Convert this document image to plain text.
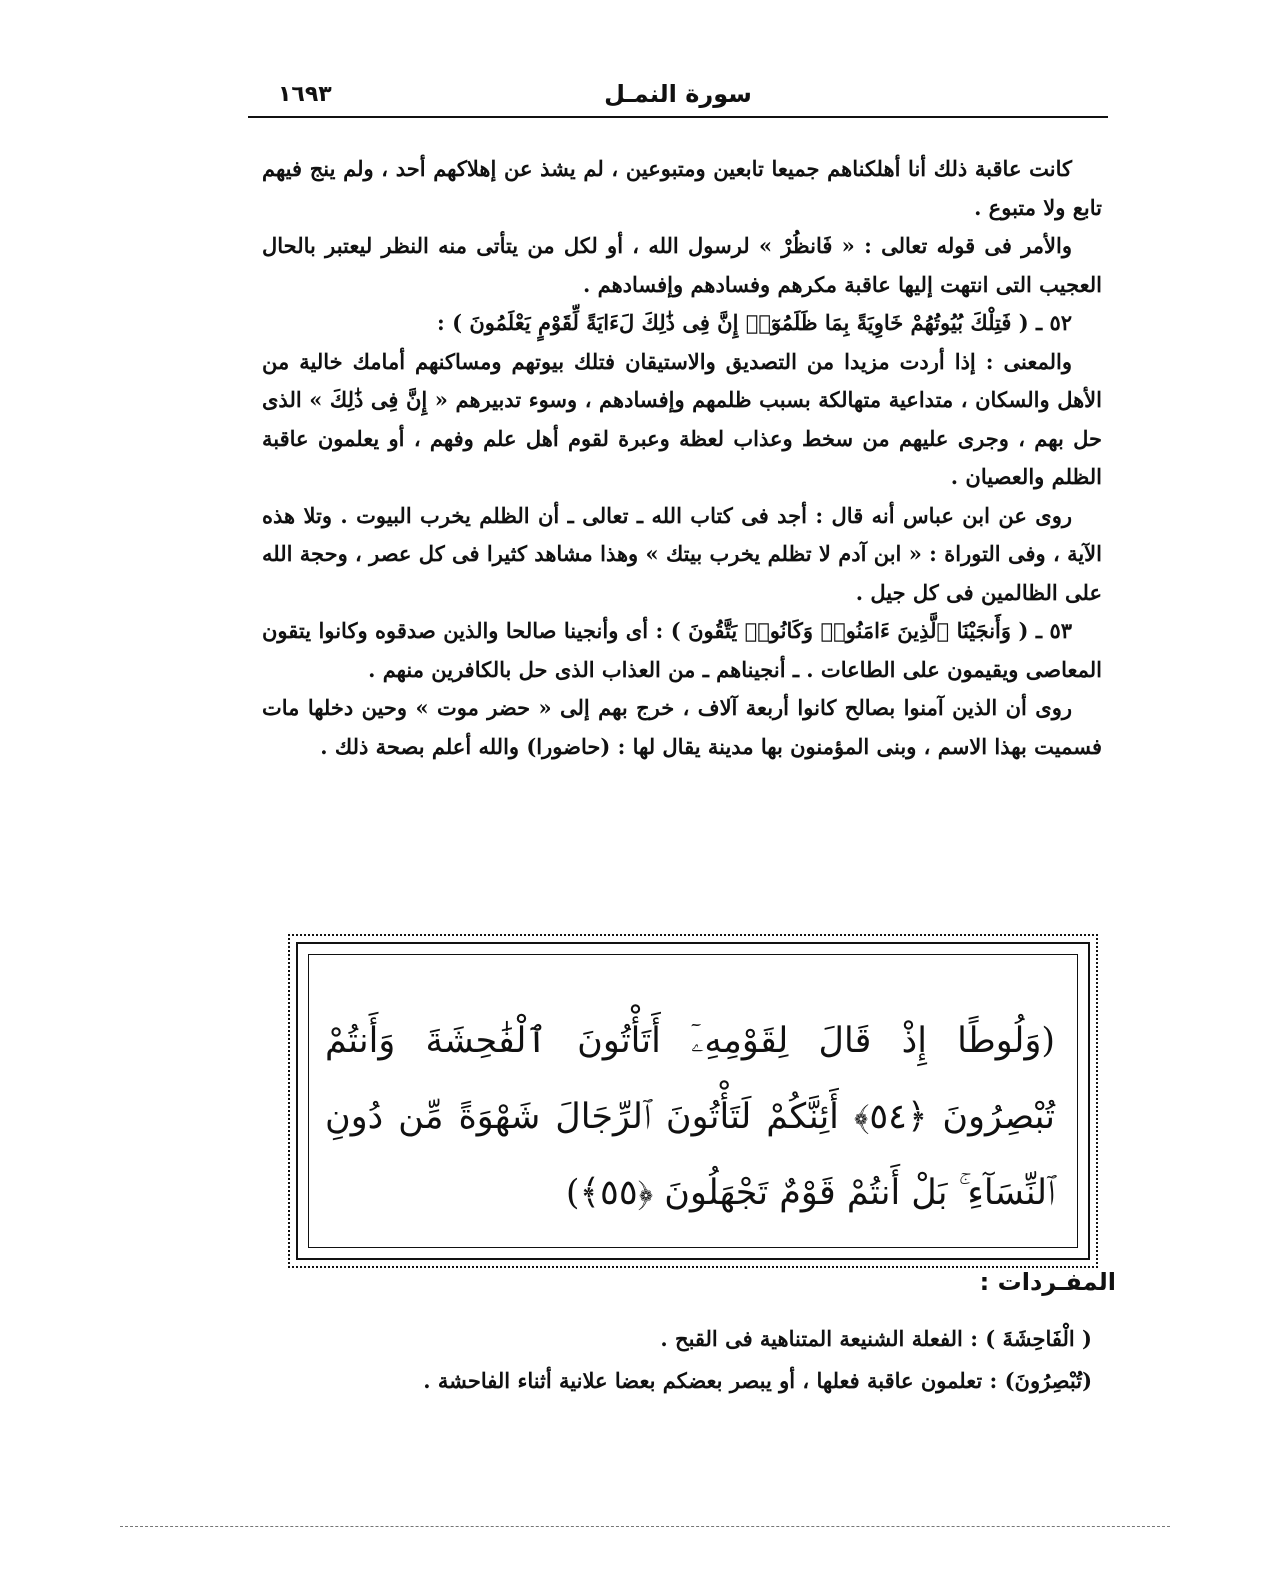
١٦٩٣	سورة النمـل

كانت عاقبة ذلك أنا أهلكناهم جميعا تابعين ومتبوعين ، لم يشذ عن إهلاكهم أحد ، ولم ينج فيهم تابع ولا متبوع .

والأمر فى قوله تعالى : « فَانظُرْ » لرسول الله ، أو لكل من يتأتى منه النظر ليعتبر بالحال العجيب التى انتهت إليها عاقبة مكرهم وفسادهم وإفسادهم .

٥٢ ـ ( فَتِلْكَ بُيُوتُهُمْ خَاوِيَةً بِمَا ظَلَمُوٓا۟ إِنَّ فِى ذَٰلِكَ لَءَايَةً لِّقَوْمٍ يَعْلَمُونَ ) :

والمعنى : إذا أردت مزيدا من التصديق والاستيقان فتلك بيوتهم ومساكنهم أمامك خالية من الأهل والسكان ، متداعية متهالكة بسبب ظلمهم وإفسادهم ، وسوء تدبيرهم « إِنَّ فِى ذَٰلِكَ » الذى حل بهم ، وجرى عليهم من سخط وعذاب لعظة وعبرة لقوم أهل علم وفهم ، أو يعلمون عاقبة الظلم والعصيان .

روى عن ابن عباس أنه قال : أجد فى كتاب الله ـ تعالى ـ أن الظلم يخرب البيوت . وتلا هذه الآية ، وفى التوراة : « ابن آدم لا تظلم يخرب بيتك » وهذا مشاهد كثيرا فى كل عصر ، وحجة الله على الظالمين فى كل جيل .

٥٣ ـ ( وَأَنجَيْنَا ٱلَّذِينَ ءَامَنُوا۟ وَكَانُوا۟ يَتَّقُونَ ) : أى وأنجينا صالحا والذين صدقوه وكانوا يتقون المعاصى ويقيمون على الطاعات . ـ أنجيناهم ـ من العذاب الذى حل بالكافرين منهم .

روى أن الذين آمنوا بصالح كانوا أربعة آلاف ، خرج بهم إلى « حضر موت » وحين دخلها مات فسميت بهذا الاسم ، وبنى المؤمنون بها مدينة يقال لها : (حاضورا) والله أعلم بصحة ذلك .

(وَلُوطًا إِذْ قَالَ لِقَوْمِهِۦٓ أَتَأْتُونَ ٱلْفَٰحِشَةَ وَأَنتُمْ تُبْصِرُونَ ﴿٥٤﴾ أَئِنَّكُمْ لَتَأْتُونَ ٱلرِّجَالَ شَهْوَةً مِّن دُونِ ٱلنِّسَآءِ ۚ بَلْ أَنتُمْ قَوْمٌ تَجْهَلُونَ ﴿٥٥﴾)
المفـردات :

( الْفَاحِشَةَ ) : الفعلة الشنيعة المتناهية فى القبح .

(تُبْصِرُونَ) : تعلمون عاقبة فعلها ، أو يبصر بعضكم بعضا علانية أثناء الفاحشة .
